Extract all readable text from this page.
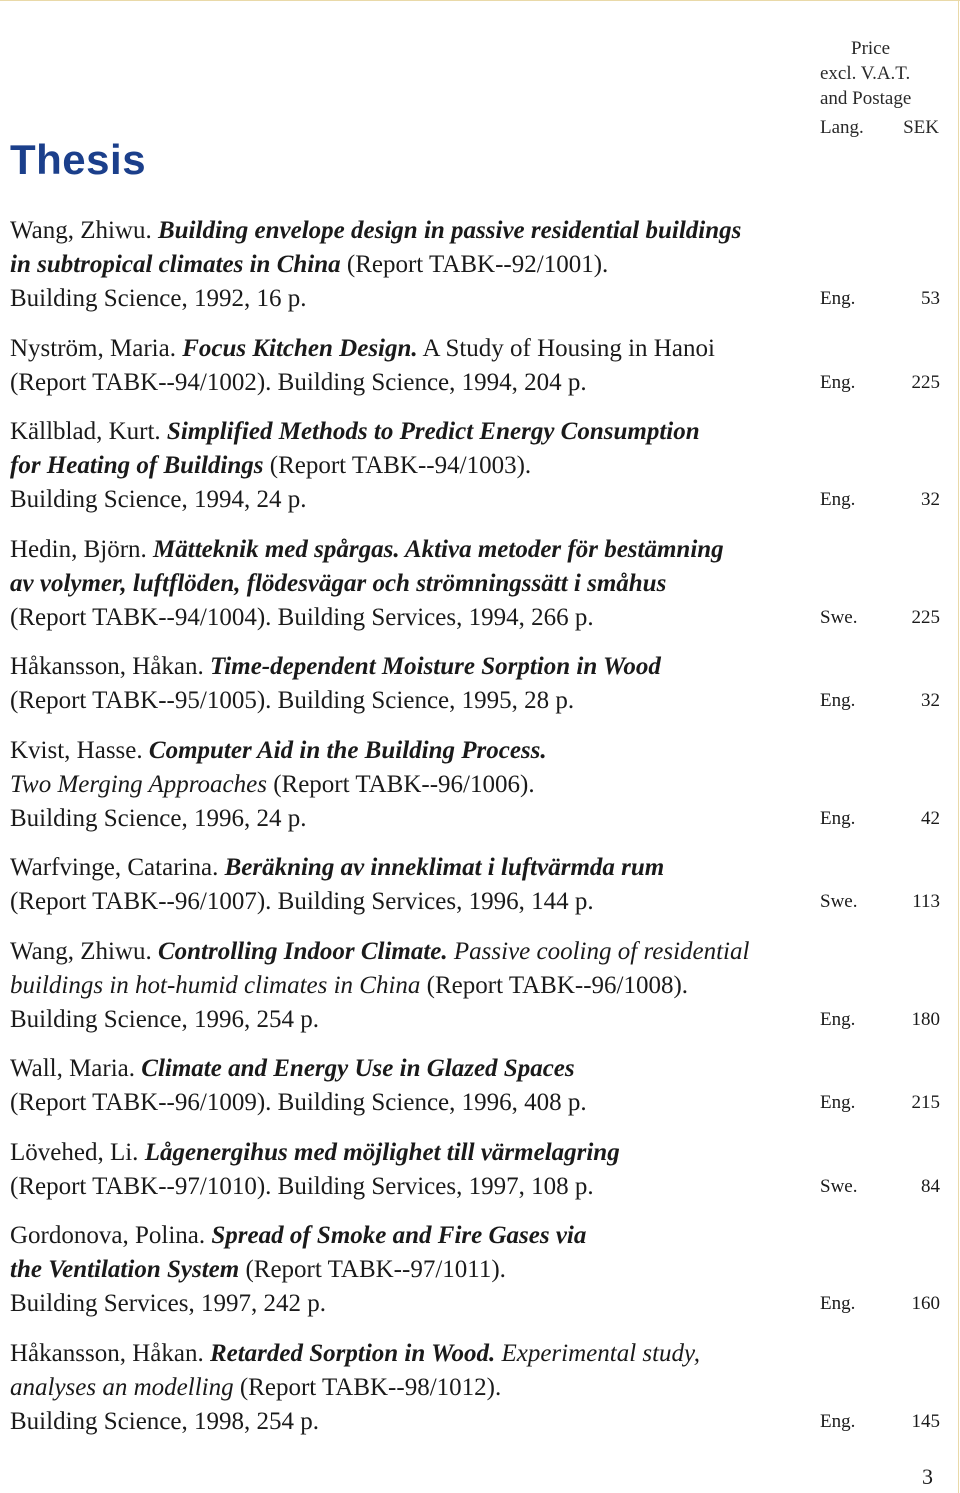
Price
excl. V.A.T.
and Postage
Lang. SEK
Thesis
Wang, Zhiwu. Building envelope design in passive residential buildings
in subtropical climates in China (Report TABK--92/1001).
Building Science, 1992, 16 p.	Eng.	53
Nyström, Maria. Focus Kitchen Design. A Study of Housing in Hanoi
(Report TABK--94/1002). Building Science, 1994, 204 p.	Eng.	225
Källblad, Kurt. Simplified Methods to Predict Energy Consumption
for Heating of Buildings (Report TABK--94/1003).
Building Science, 1994, 24 p.	Eng.	32
Hedin, Björn. Mätteknik med spårgas. Aktiva metoder för bestämning
av volymer, luftflöden, flödesvägar och strömningssätt i småhus
(Report TABK--94/1004). Building Services, 1994, 266 p.	Swe.	225
Håkansson, Håkan. Time-dependent Moisture Sorption in Wood
(Report TABK--95/1005). Building Science, 1995, 28 p.	Eng.	32
Kvist, Hasse. Computer Aid in the Building Process.
Two Merging Approaches (Report TABK--96/1006).
Building Science, 1996, 24 p.	Eng.	42
Warfvinge, Catarina. Beräkning av inneklimat i luftvärmda rum
(Report TABK--96/1007). Building Services, 1996, 144 p.	Swe.	113
Wang, Zhiwu. Controlling Indoor Climate. Passive cooling of residential
buildings in hot-humid climates in China (Report TABK--96/1008).
Building Science, 1996, 254 p.	Eng.	180
Wall, Maria. Climate and Energy Use in Glazed Spaces
(Report TABK--96/1009). Building Science, 1996, 408 p.	Eng.	215
Lövehed, Li. Lågenergihus med möjlighet till värmelagring
(Report TABK--97/1010). Building Services, 1997, 108 p.	Swe.	84
Gordonova, Polina. Spread of Smoke and Fire Gases via
the Ventilation System (Report TABK--97/1011).
Building Services, 1997, 242 p.	Eng.	160
Håkansson, Håkan. Retarded Sorption in Wood. Experimental study,
analyses an modelling (Report TABK--98/1012).
Building Science, 1998, 254 p.	Eng.	145
3
